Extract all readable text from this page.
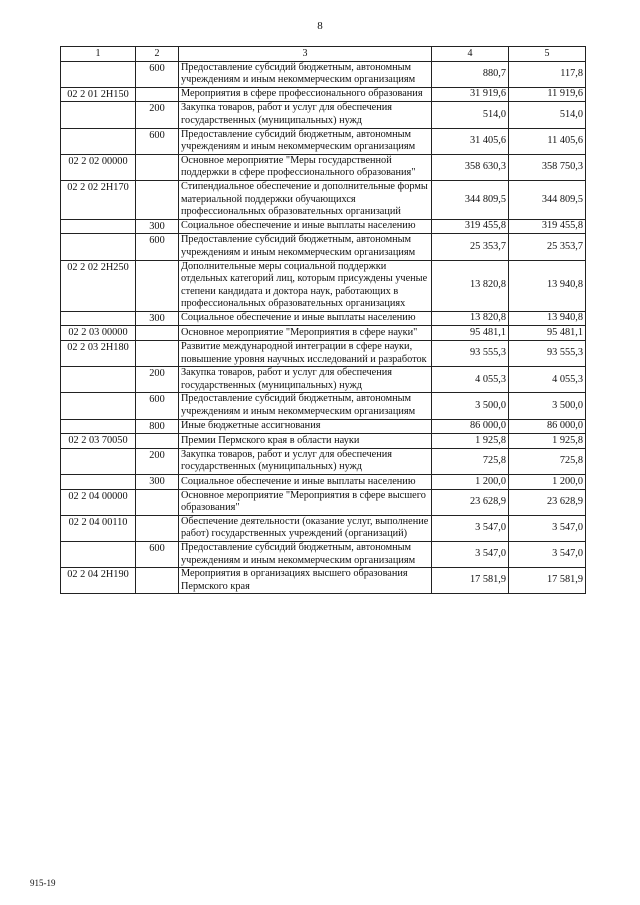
8
1	2	3	4	5
	600	Предоставление субсидий бюджетным, автономным учреждениям и иным некоммерческим организациям	880,7	117,8
02 2 01 2Н150		Мероприятия в сфере профессионального образования	31 919,6	11 919,6
	200	Закупка товаров, работ и услуг для обеспечения государственных (муниципальных) нужд	514,0	514,0
	600	Предоставление субсидий бюджетным, автономным учреждениям и иным некоммерческим организациям	31 405,6	11 405,6
02 2 02 00000		Основное мероприятие "Меры государственной поддержки в сфере профессионального образования"	358 630,3	358 750,3
02 2 02 2Н170		Стипендиальное обеспечение и дополнительные формы материальной поддержки обучающихся профессиональных образовательных организаций	344 809,5	344 809,5
	300	Социальное обеспечение и иные выплаты населению	319 455,8	319 455,8
	600	Предоставление субсидий бюджетным, автономным учреждениям и иным некоммерческим организациям	25 353,7	25 353,7
02 2 02 2Н250		Дополнительные меры социальной поддержки отдельных категорий лиц, которым присуждены ученые степени кандидата и доктора наук, работающих в профессиональных образовательных организациях	13 820,8	13 940,8
	300	Социальное обеспечение и иные выплаты населению	13 820,8	13 940,8
02 2 03 00000		Основное мероприятие "Мероприятия в сфере науки"	95 481,1	95 481,1
02 2 03 2Н180		Развитие международной интеграции в сфере науки, повышение уровня научных исследований и разработок	93 555,3	93 555,3
	200	Закупка товаров, работ и услуг для обеспечения государственных (муниципальных) нужд	4 055,3	4 055,3
	600	Предоставление субсидий бюджетным, автономным учреждениям и иным некоммерческим организациям	3 500,0	3 500,0
	800	Иные бюджетные ассигнования	86 000,0	86 000,0
02 2 03 70050		Премии Пермского края в области науки	1 925,8	1 925,8
	200	Закупка товаров, работ и услуг для обеспечения государственных (муниципальных) нужд	725,8	725,8
	300	Социальное обеспечение и иные выплаты населению	1 200,0	1 200,0
02 2 04 00000		Основное мероприятие "Мероприятия в сфере высшего образования"	23 628,9	23 628,9
02 2 04 00110		Обеспечение деятельности (оказание услуг, выполнение работ) государственных учреждений (организаций)	3 547,0	3 547,0
	600	Предоставление субсидий бюджетным, автономным учреждениям и иным некоммерческим организациям	3 547,0	3 547,0
02 2 04 2Н190		Мероприятия в организациях высшего образования Пермского края	17 581,9	17 581,9
915-19
